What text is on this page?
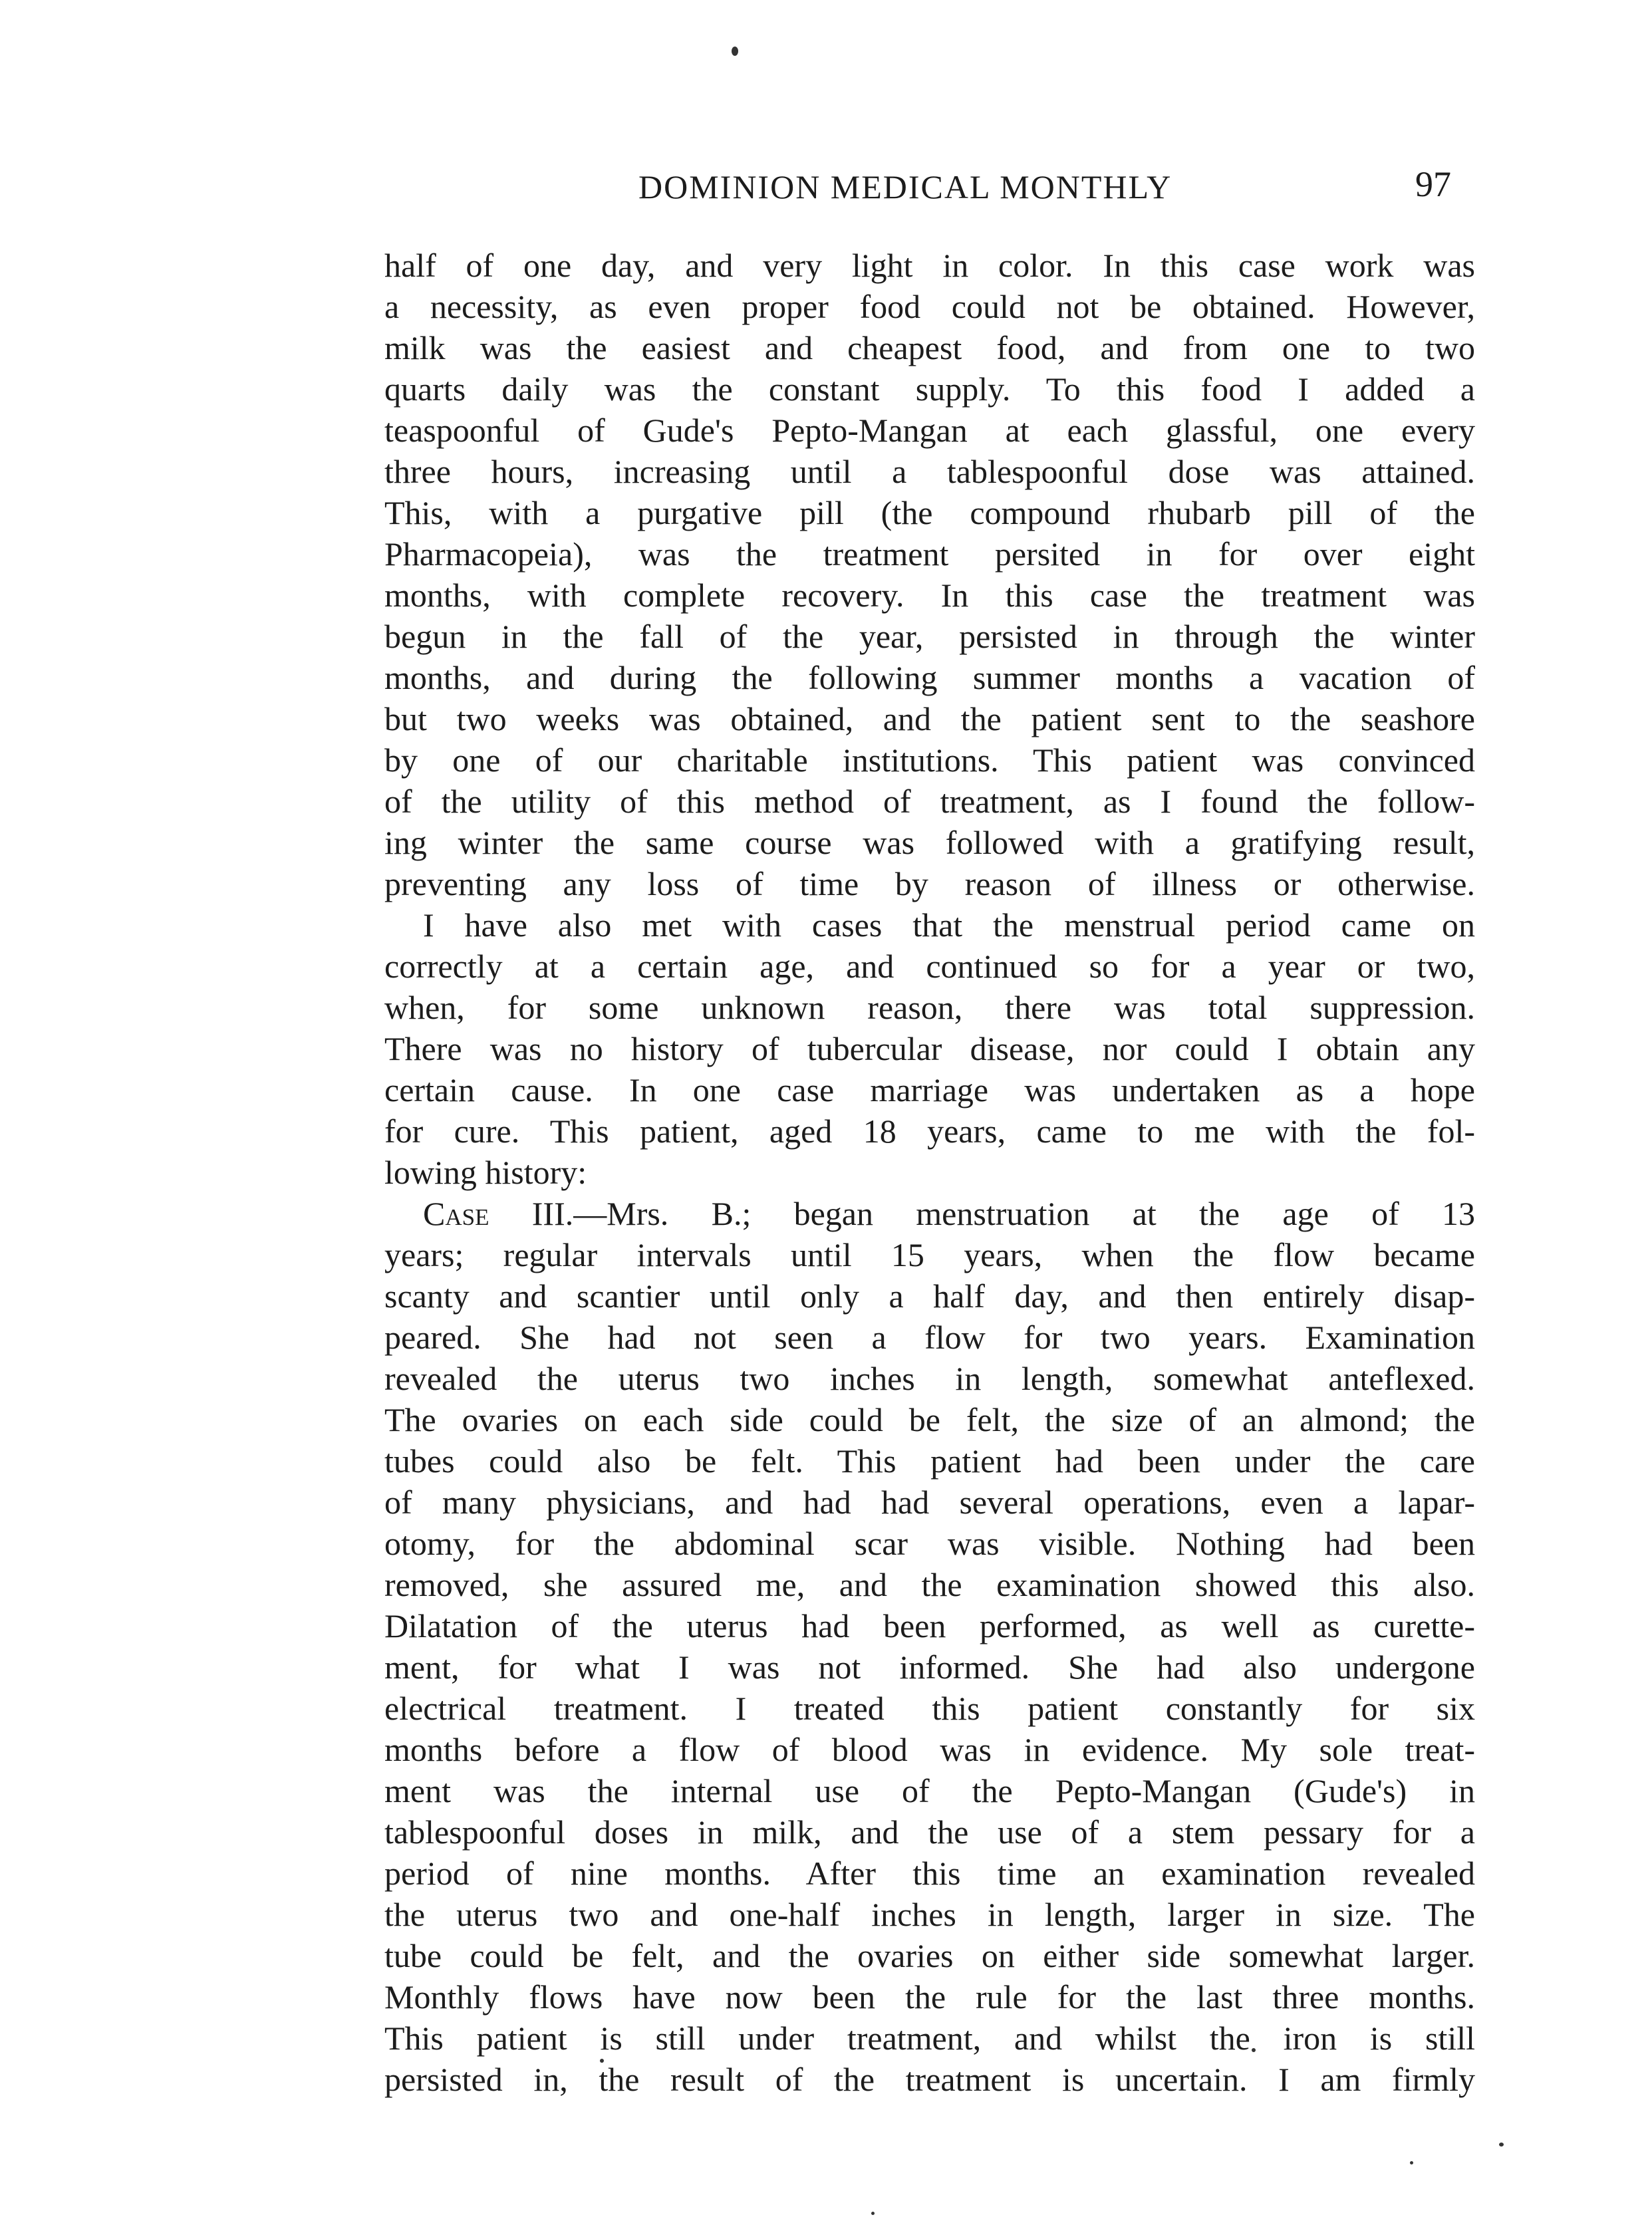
DOMINION MEDICAL MONTHLY	97
half of one day, and very light in color. In this case work was
a necessity, as even proper food could not be obtained. However,
milk was the easiest and cheapest food, and from one to two
quarts daily was the constant supply. To this food I added a
teaspoonful of Gude's Pepto-Mangan at each glassful, one every
three hours, increasing until a tablespoonful dose was attained.
This, with a purgative pill (the compound rhubarb pill of the
Pharmacopeia), was the treatment persited in for over eight
months, with complete recovery. In this case the treatment was
begun in the fall of the year, persisted in through the winter
months, and during the following summer months a vacation of
but two weeks was obtained, and the patient sent to the seashore
by one of our charitable institutions. This patient was convinced
of the utility of this method of treatment, as I found the follow-
ing winter the same course was followed with a gratifying result,
preventing any loss of time by reason of illness or otherwise.
I have also met with cases that the menstrual period came on
correctly at a certain age, and continued so for a year or two,
when, for some unknown reason, there was total suppression.
There was no history of tubercular disease, nor could I obtain any
certain cause. In one case marriage was undertaken as a hope
for cure. This patient, aged 18 years, came to me with the fol-
lowing history:
Case III.—Mrs. B.; began menstruation at the age of 13
years; regular intervals until 15 years, when the flow became
scanty and scantier until only a half day, and then entirely disap-
peared. She had not seen a flow for two years. Examination
revealed the uterus two inches in length, somewhat anteflexed.
The ovaries on each side could be felt, the size of an almond; the
tubes could also be felt. This patient had been under the care
of many physicians, and had had several operations, even a lapar-
otomy, for the abdominal scar was visible. Nothing had been
removed, she assured me, and the examination showed this also.
Dilatation of the uterus had been performed, as well as curette-
ment, for what I was not informed. She had also undergone
electrical treatment. I treated this patient constantly for six
months before a flow of blood was in evidence. My sole treat-
ment was the internal use of the Pepto-Mangan (Gude's) in
tablespoonful doses in milk, and the use of a stem pessary for a
period of nine months. After this time an examination revealed
the uterus two and one-half inches in length, larger in size. The
tube could be felt, and the ovaries on either side somewhat larger.
Monthly flows have now been the rule for the last three months.
This patient is still under treatment, and whilst the iron is still
persisted in, the result of the treatment is uncertain. I am firmly
